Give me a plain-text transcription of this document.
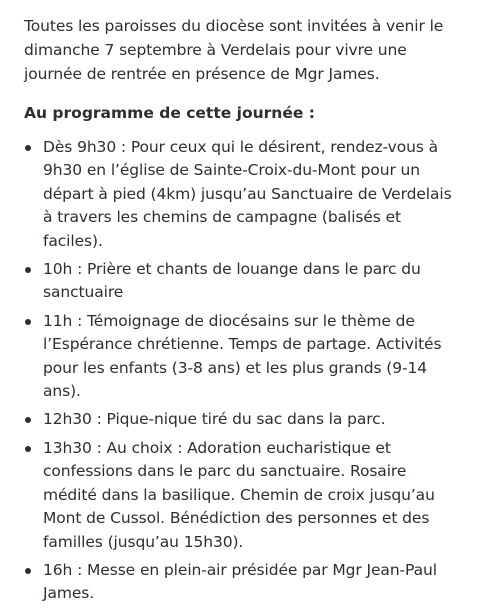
Toutes les paroisses du diocèse sont invitées à venir le dimanche 7 septembre à Verdelais pour vivre une journée de rentrée en présence de Mgr James.

Au programme de cette journée :

Dès 9h30 : Pour ceux qui le désirent, rendez-vous à 9h30 en l’église de Sainte-Croix-du-Mont pour un départ à pied (4km) jusqu’au Sanctuaire de Verdelais à travers les chemins de campagne (balisés et faciles).
10h : Prière et chants de louange dans le parc du sanctuaire
11h : Témoignage de diocésains sur le thème de l’Espérance chrétienne. Temps de partage. Activités pour les enfants (3-8 ans) et les plus grands (9-14 ans).
12h30 : Pique-nique tiré du sac dans la parc.
13h30 : Au choix : Adoration eucharistique et confessions dans le parc du sanctuaire. Rosaire médité dans la basilique. Chemin de croix jusqu’au Mont de Cussol. Bénédiction des personnes et des familles (jusqu’au 15h30).
16h : Messe en plein-air présidée par Mgr Jean-Paul James.
